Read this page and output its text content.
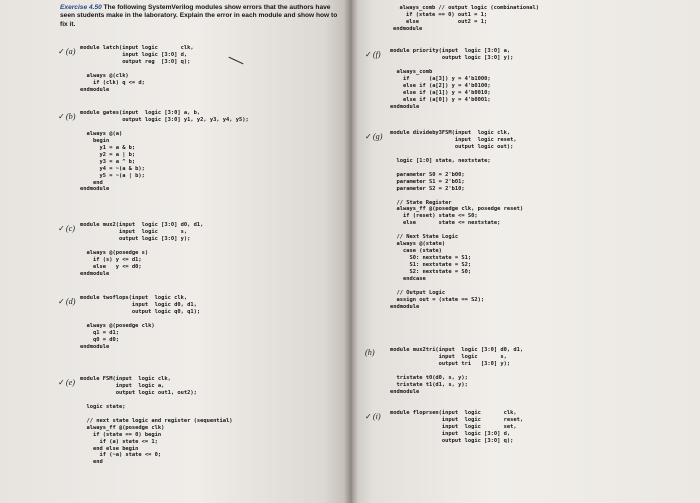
Exercise 4.50 The following SystemVerilog modules show errors that the authors have seen students make in the laboratory. Explain the error in each module and show how to fix it.
✓(a) module latch(input logic       clk,
input logic [3:0] d,
output reg  [3:0] q);

always @(clk)
if (clk) q <= d;
endmodule
✓(b) module gates(input  logic [3:0] a, b,
output logic [3:0] y1, y2, y3, y4, y5);

always @(a)
begin
y1 = a & b;
y2 = a | b;
y3 = a ^ b;
y4 = ~(a & b);
y5 = ~(a | b);
end
endmodule
✓(c) module mux2(input  logic [3:0] d0, d1,
input  logic       s,
output logic [3:0] y);

always @(posedge s)
if (s) y <= d1;
else   y <= d0;
endmodule
✓(d) module twoflops(input  logic clk,
input  logic d0, d1,
output logic q0, q1);

always @(posedge clk)
q1 = d1;
q0 = d0;
endmodule
✓(e) module FSM(input  logic clk,
input  logic a,
output logic out1, out2);

logic state;

// next state logic and register (sequential)
always_ff @(posedge clk)
if (state == 0) begin
if (a) state <= 1;
end else begin
if (~a) state <= 0;
end
always_comb // output logic (combinational)
if (state == 0) out1 = 1;
else            out2 = 1;
endmodule
✓(f) module priority(input  logic [3:0] a,
output logic [3:0] y);

always_comb
if      (a[3]) y = 4'b1000;
else if (a[2]) y = 4'b0100;
else if (a[1]) y = 4'b0010;
else if (a[0]) y = 4'b0001;
endmodule
✓(g) module divideby3FSM(input  logic clk,
input  logic reset,
output logic out);

logic [1:0] state, nextstate;

parameter S0 = 2'b00;
parameter S1 = 2'b01;
parameter S2 = 2'b10;

// State Register
always_ff @(posedge clk, posedge reset)
if (reset) state <= S0;
else       state <= nextstate;

// Next State Logic
always @(state)
case (state)
S0: nextstate = S1;
S1: nextstate = S2;
S2: nextstate = S0;
endcase

// Output Logic
assign out = (state == S2);
endmodule
(h)	module mux2tri(input  logic [3:0] d0, d1,
input  logic       s,
output tri   [3:0] y);

tristate t0(d0, s, y);
tristate t1(d1, s, y);
endmodule
✓(i) module floprsen(input  logic       clk,
input  logic       reset,
input  logic       set,
input  logic [3:0] d,
output logic [3:0] q);
